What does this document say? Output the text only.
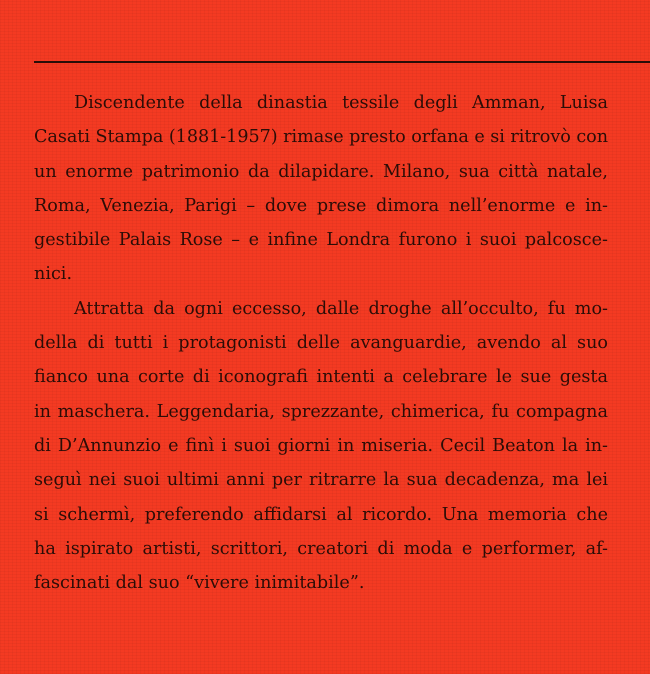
Discendente della dinastia tessile degli Amman, Luisa
Casati Stampa (1881-1957) rimase presto orfana e si ritrovò con
un enorme patrimonio da dilapidare. Milano, sua città natale,
Roma, Venezia, Parigi – dove prese dimora nell’enorme e in-
gestibile Palais Rose – e infine Londra furono i suoi palcosce-
nici.
Attratta da ogni eccesso, dalle droghe all’occulto, fu mo-
della di tutti i protagonisti delle avanguardie, avendo al suo
fianco una corte di iconografi intenti a celebrare le sue gesta
in maschera. Leggendaria, sprezzante, chimerica, fu compagna
di D’Annunzio e finì i suoi giorni in miseria. Cecil Beaton la in-
seguì nei suoi ultimi anni per ritrarre la sua decadenza, ma lei
si schermì, preferendo affidarsi al ricordo. Una memoria che
ha ispirato artisti, scrittori, creatori di moda e performer, af-
fascinati dal suo “vivere inimitabile”.
